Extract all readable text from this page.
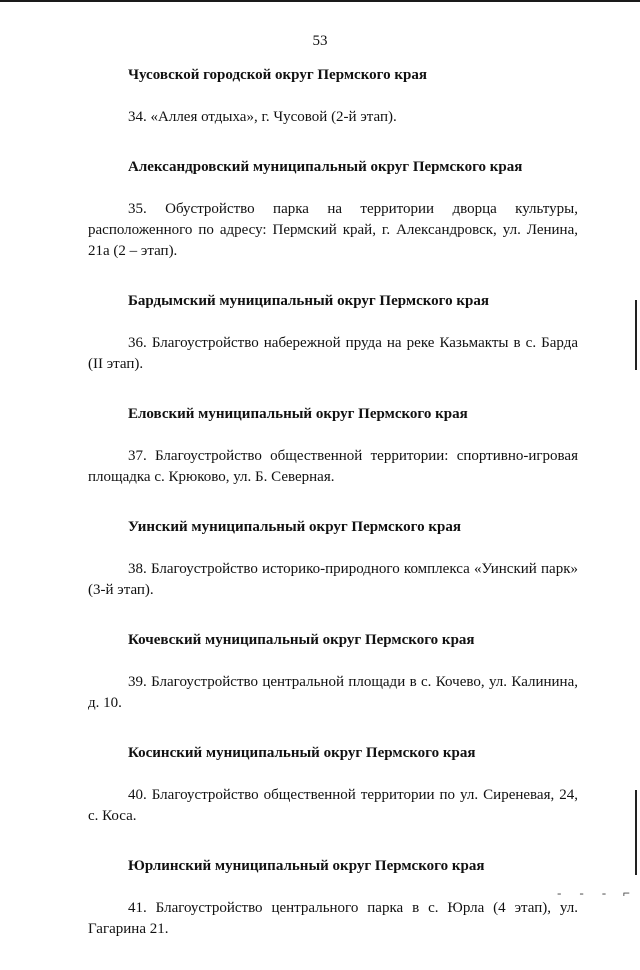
- - - ⌐
53

Чусовской городской округ Пермского края

34. «Аллея отдыха», г. Чусовой (2-й этап).

Александровский муниципальный округ Пермского края

35. Обустройство парка на территории дворца культуры, расположенного по адресу: Пермский край, г. Александровск, ул. Ленина, 21а (2 – этап).

Бардымский муниципальный округ Пермского края

36. Благоустройство набережной пруда на реке Казьмакты в с. Барда (II этап).

Еловский муниципальный округ Пермского края

37. Благоустройство общественной территории: спортивно-игровая площадка с. Крюково, ул. Б. Северная.

Уинский муниципальный округ Пермского края

38. Благоустройство историко-природного комплекса «Уинский парк» (3-й этап).

Кочевский муниципальный округ Пермского края

39. Благоустройство центральной площади в с. Кочево, ул. Калинина, д. 10.

Косинский муниципальный округ Пермского края

40. Благоустройство общественной территории по ул. Сиреневая, 24, с. Коса.

Юрлинский муниципальный округ Пермского края

41. Благоустройство центрального парка в с. Юрла (4 этап), ул. Гагарина 21.
